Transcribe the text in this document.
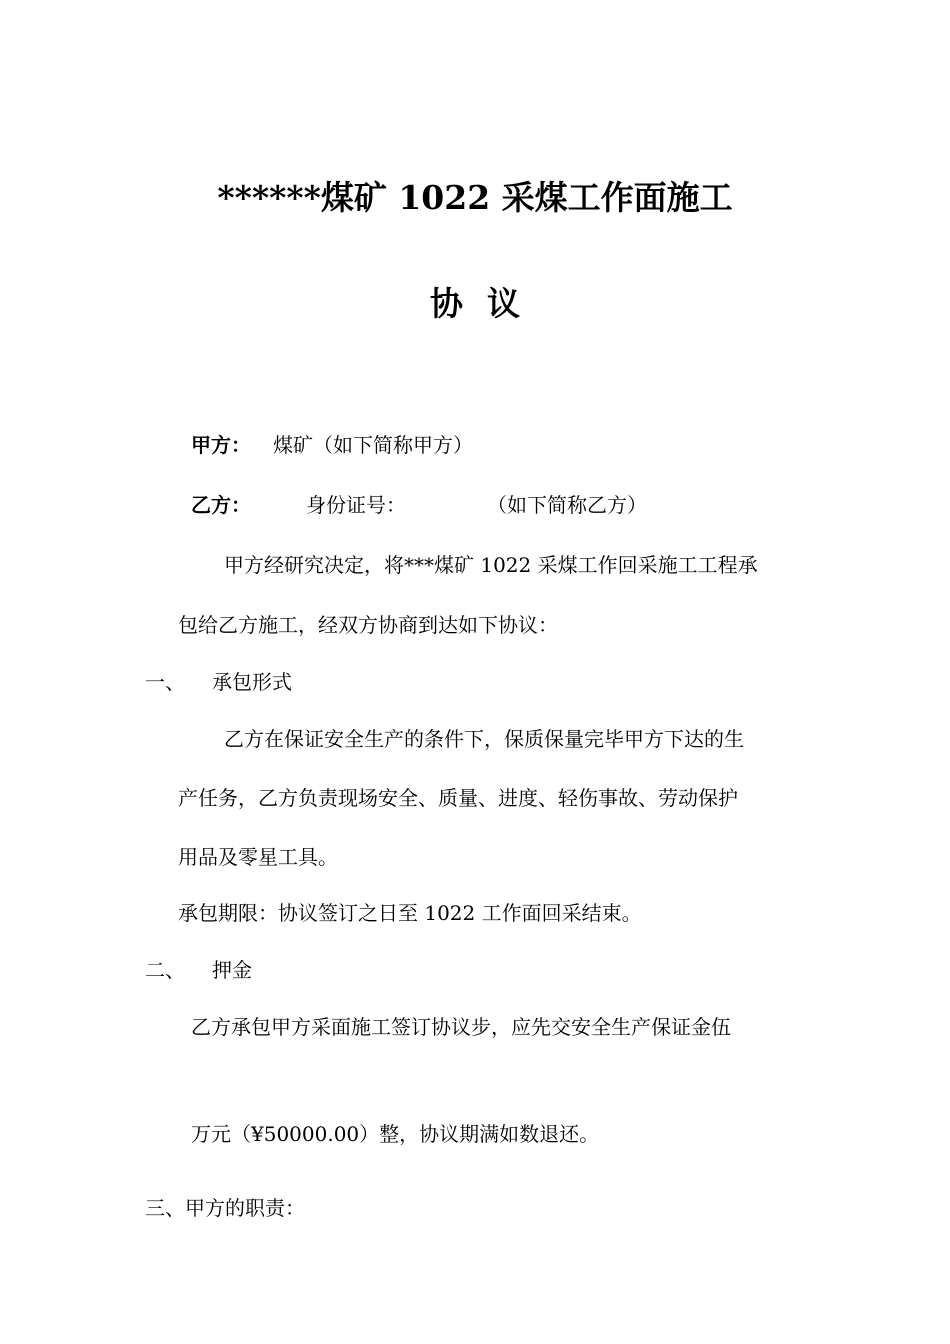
******煤矿 1022 采煤工作面施工
协议
甲方： 煤矿（如下简称甲方）
乙方：	身份证号：	（如下简称乙方）
甲方经研究决定，将***煤矿 1022 采煤工作回采施工工程承
包给乙方施工，经双方协商到达如下协议：
一、 承包形式
乙方在保证安全生产的条件下，保质保量完毕甲方下达的生
产任务，乙方负责现场安全、质量、进度、轻伤事故、劳动保护
用品及零星工具。
承包期限：协议签订之日至 1022 工作面回采结束。
二、 押金
乙方承包甲方采面施工签订协议步，应先交安全生产保证金伍
万元（¥50000.00）整，协议期满如数退还。
三、甲方的职责：
